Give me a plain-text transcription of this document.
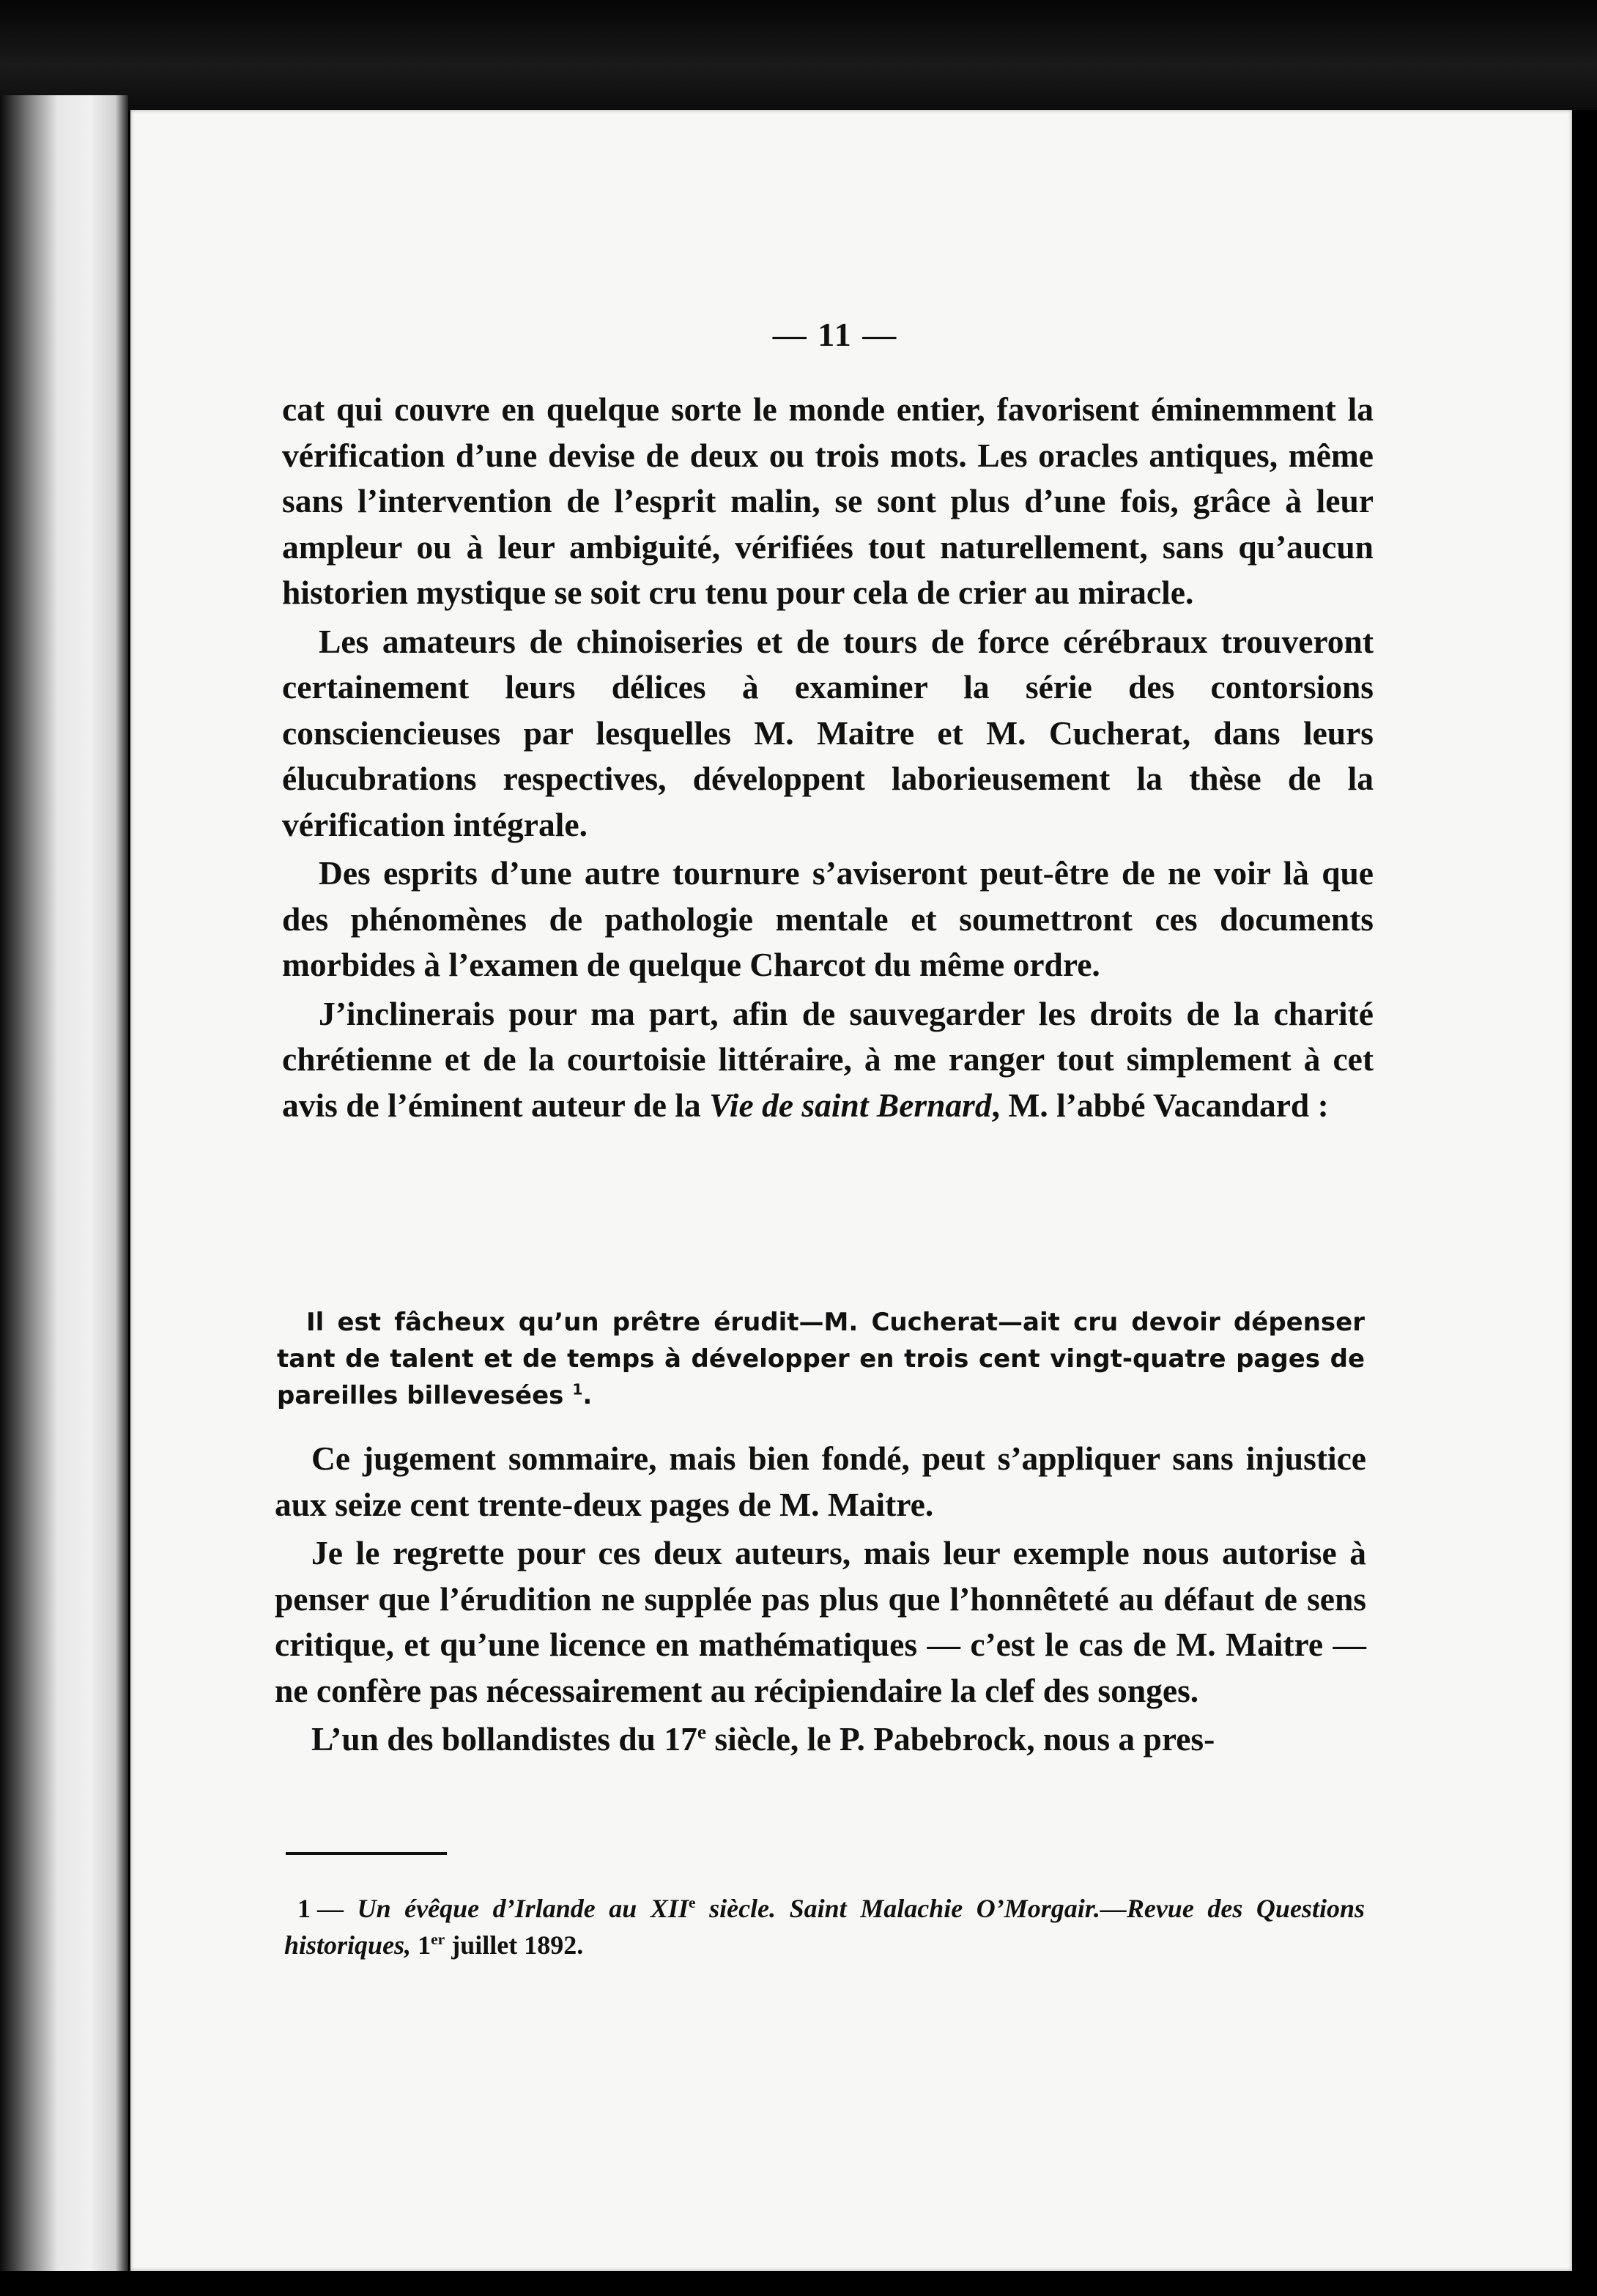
— 11 —

cat qui couvre en quelque sorte le monde entier, favorisent éminemment la vérification d’une devise de deux ou trois mots. Les oracles antiques, même sans l’intervention de l’esprit malin, se sont plus d’une fois, grâce à leur ampleur ou à leur ambiguité, vérifiées tout naturellement, sans qu’aucun historien mystique se soit cru tenu pour cela de crier au miracle.

Les amateurs de chinoiseries et de tours de force cérébraux trouveront certainement leurs délices à examiner la série des contorsions consciencieuses par lesquelles M. Maitre et M. Cucherat, dans leurs élucubrations respectives, développent laborieusement la thèse de la vérification intégrale.

Des esprits d’une autre tournure s’aviseront peut-être de ne voir là que des phénomènes de pathologie mentale et soumettront ces documents morbides à l’examen de quelque Charcot du même ordre.

J’inclinerais pour ma part, afin de sauvegarder les droits de la charité chrétienne et de la courtoisie littéraire, à me ranger tout simplement à cet avis de l’éminent auteur de la Vie de saint Bernard, M. l’abbé Vacandard :

Il est fâcheux qu’un prêtre érudit—M. Cucherat—ait cru devoir dépenser tant de talent et de temps à développer en trois cent vingt-quatre pages de pareilles billevesées $^1$.

Ce jugement sommaire, mais bien fondé, peut s’appliquer sans injustice aux seize cent trente-deux pages de M. Maitre.

Je le regrette pour ces deux auteurs, mais leur exemple nous autorise à penser que l’érudition ne supplée pas plus que l’honnêteté au défaut de sens critique, et qu’une licence en mathématiques — c’est le cas de M. Maitre — ne confère pas nécessairement au récipiendaire la clef des songes.

L’un des bollandistes du 17e siècle, le P. Pabebrock, nous a pres-

1 — Un évêque d’Irlande au XIIe siècle. Saint Malachie O’Morgair.—Revue des Questions historiques, 1er juillet 1892.
